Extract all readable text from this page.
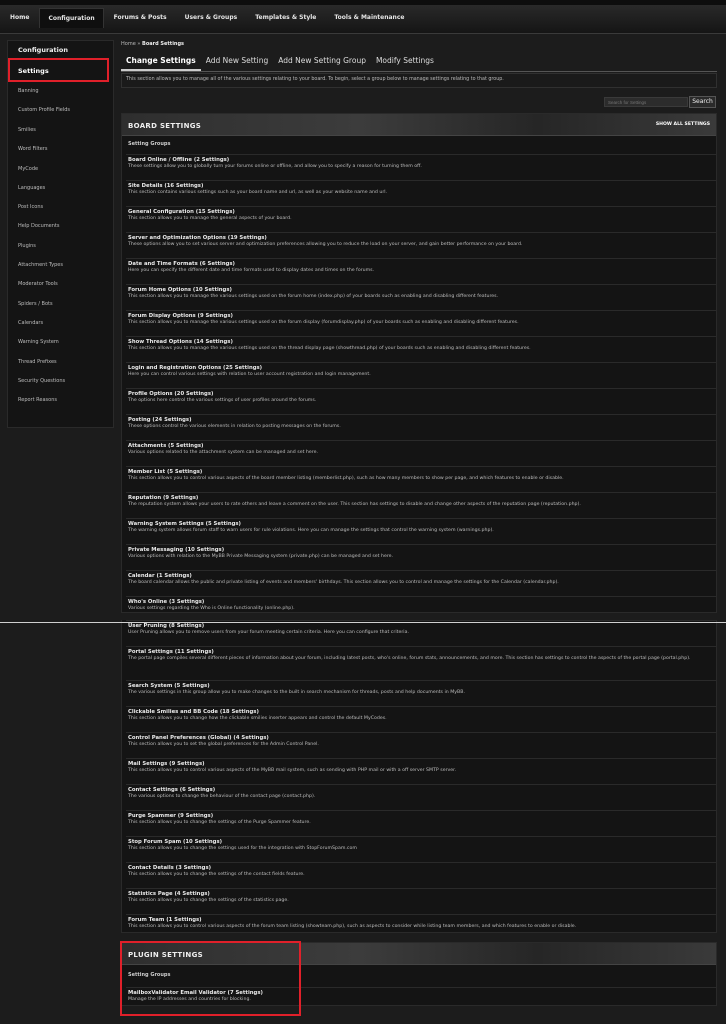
Home	Configuration	Forums & Posts	Users & Groups	Templates & Style	Tools & Maintenance
Configuration
Settings
Banning
Custom Profile Fields
Smilies
Word Filters
MyCode
Languages
Post Icons
Help Documents
Plugins
Attachment Types
Moderator Tools
Spiders / Bots
Calendars
Warning System
Thread Prefixes
Security Questions
Report Reasons
Home » Board Settings
Change Settings	Add New Setting	Add New Setting Group	Modify Settings
This section allows you to manage all of the various settings relating to your board. To begin, select a group below to manage settings relating to that group.
Search for Settings
Search
BOARD SETTINGS	SHOW ALL SETTINGS
Setting Groups
Board Online / Offline (2 Settings)
These settings allow you to globally turn your forums online or offline, and allow you to specify a reason for turning them off.
Site Details (16 Settings)
This section contains various settings such as your board name and url, as well as your website name and url.
General Configuration (15 Settings)
This section allows you to manage the general aspects of your board.
Server and Optimization Options (19 Settings)
These options allow you to set various server and optimization preferences allowing you to reduce the load on your server, and gain better performance on your board.
Date and Time Formats (6 Settings)
Here you can specify the different date and time formats used to display dates and times on the forums.
Forum Home Options (10 Settings)
This section allows you to manage the various settings used on the forum home (index.php) of your boards such as enabling and disabling different features.
Forum Display Options (9 Settings)
This section allows you to manage the various settings used on the forum display (forumdisplay.php) of your boards such as enabling and disabling different features.
Show Thread Options (14 Settings)
This section allows you to manage the various settings used on the thread display page (showthread.php) of your boards such as enabling and disabling different features.
Login and Registration Options (25 Settings)
Here you can control various settings with relation to user account registration and login management.
Profile Options (20 Settings)
The options here control the various settings of user profiles around the forums.
Posting (24 Settings)
These options control the various elements in relation to posting messages on the forums.
Attachments (5 Settings)
Various options related to the attachment system can be managed and set here.
Member List (5 Settings)
This section allows you to control various aspects of the board member listing (memberlist.php), such as how many members to show per page, and which features to enable or disable.
Reputation (9 Settings)
The reputation system allows your users to rate others and leave a comment on the user. This section has settings to disable and change other aspects of the reputation page (reputation.php).
Warning System Settings (5 Settings)
The warning system allows forum staff to warn users for rule violations. Here you can manage the settings that control the warning system (warnings.php).
Private Messaging (10 Settings)
Various options with relation to the MyBB Private Messaging system (private.php) can be managed and set here.
Calendar (1 Settings)
The board calendar allows the public and private listing of events and members' birthdays. This section allows you to control and manage the settings for the Calendar (calendar.php).
Who's Online (3 Settings)
Various settings regarding the Who is Online functionality (online.php).
User Pruning (8 Settings)
User Pruning allows you to remove users from your forum meeting certain criteria. Here you can configure that criteria.
Portal Settings (11 Settings)
The portal page compiles several different pieces of information about your forum, including latest posts, who's online, forum stats, announcements, and more. This section has settings to control the aspects of the portal page (portal.php).
Search System (5 Settings)
The various settings in this group allow you to make changes to the built in search mechanism for threads, posts and help documents in MyBB.
Clickable Smilies and BB Code (18 Settings)
This section allows you to change how the clickable smilies inserter appears and control the default MyCodes.
Control Panel Preferences (Global) (4 Settings)
This section allows you to set the global preferences for the Admin Control Panel.
Mail Settings (9 Settings)
This section allows you to control various aspects of the MyBB mail system, such as sending with PHP mail or with a off server SMTP server.
Contact Settings (6 Settings)
The various options to change the behaviour of the contact page (contact.php).
Purge Spammer (9 Settings)
This section allows you to change the settings of the Purge Spammer feature.
Stop Forum Spam (10 Settings)
This section allows you to change the settings used for the integration with StopForumSpam.com
Contact Details (3 Settings)
This section allows you to change the settings of the contact fields feature.
Statistics Page (4 Settings)
This section allows you to change the settings of the statistics page.
Forum Team (1 Settings)
This section allows you to control various aspects of the forum team listing (showteam.php), such as aspects to consider while listing team members, and which features to enable or disable.
PLUGIN SETTINGS
Setting Groups
MailboxValidator Email Validator (7 Settings)
Manage the IP addresses and countries for blocking.
